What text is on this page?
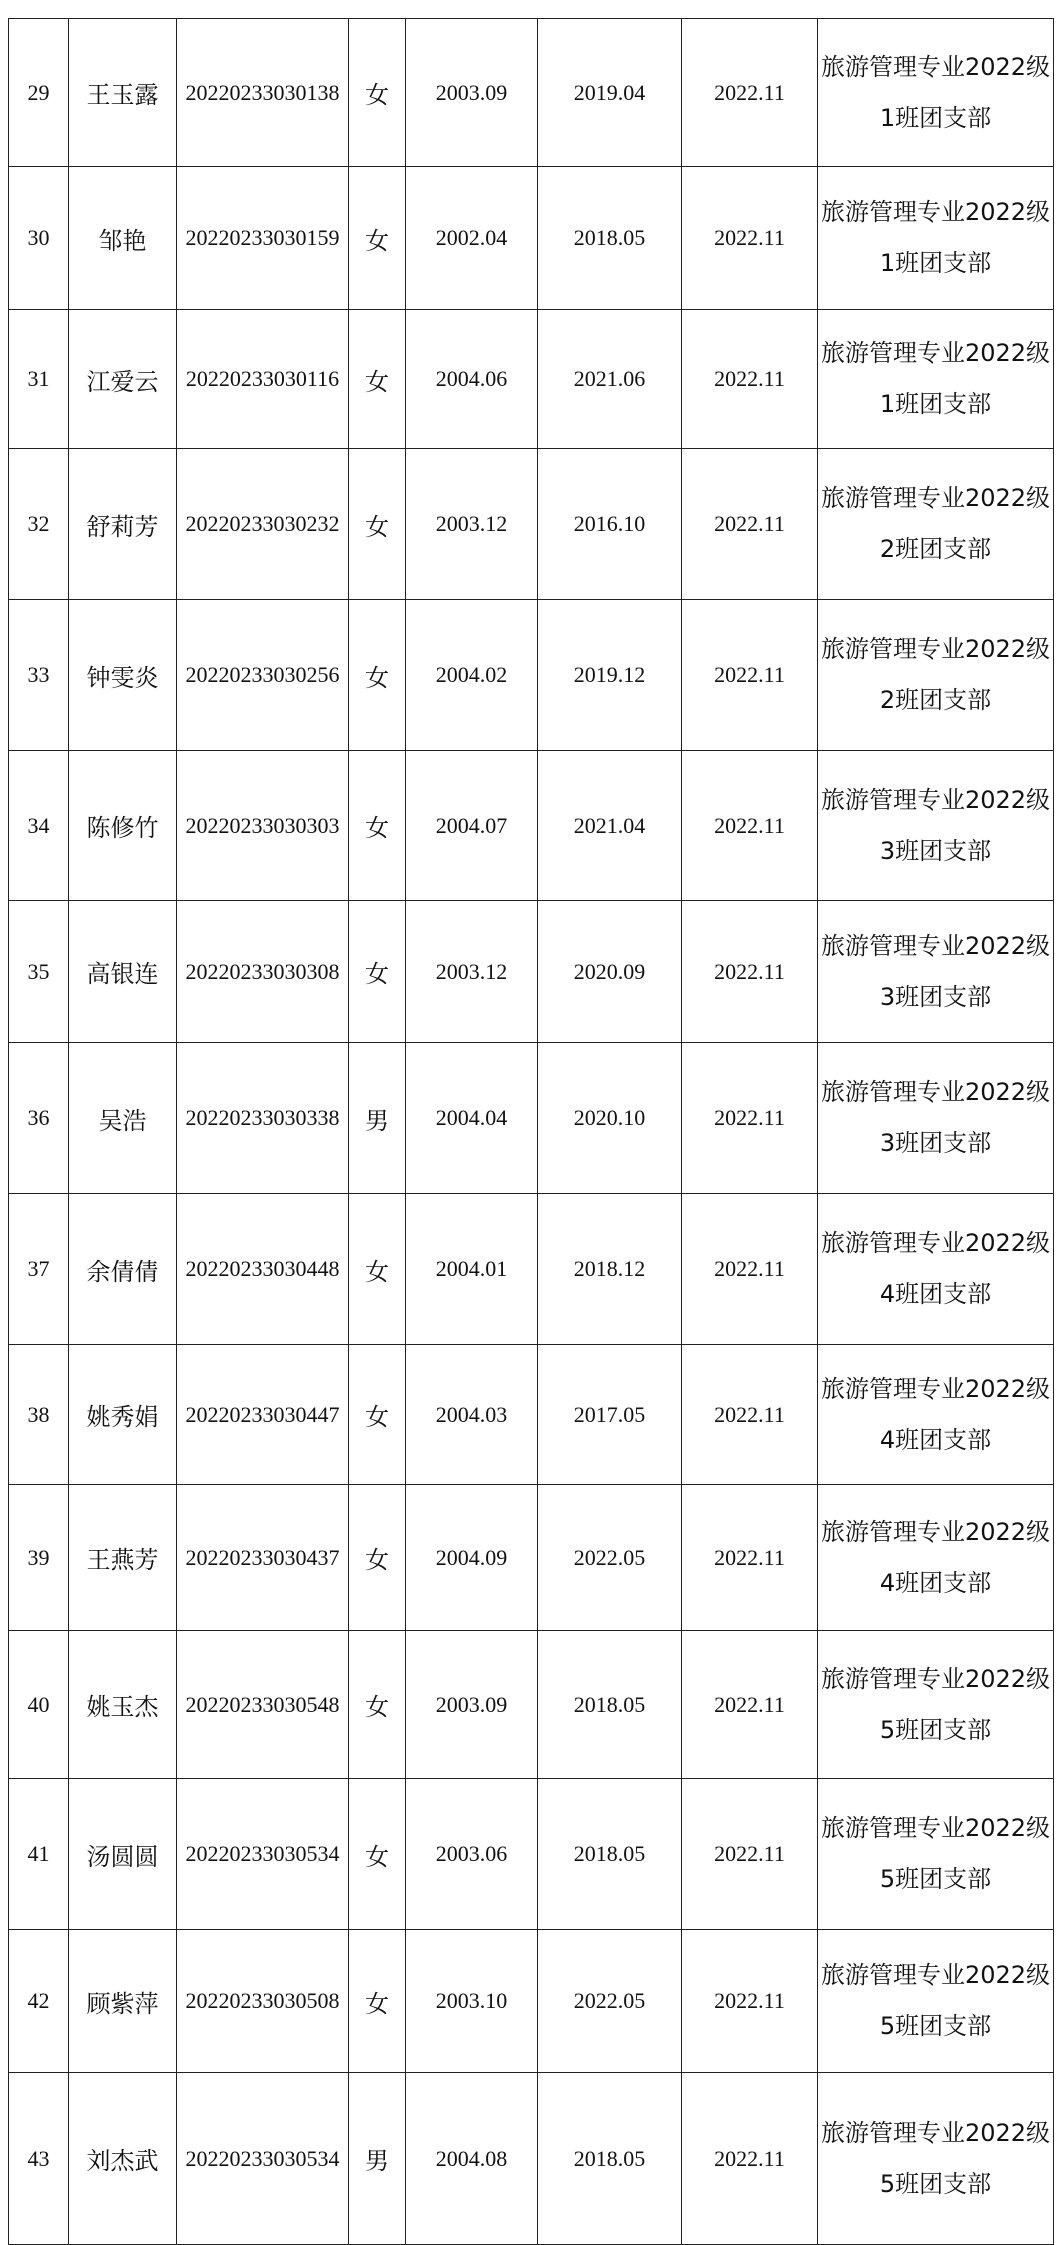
29	王玉露	20220233030138	女	2003.09	2019.04	2022.11	旅游管理专业2022级1班团支部
30	邹艳	20220233030159	女	2002.04	2018.05	2022.11	旅游管理专业2022级1班团支部
31	江爱云	20220233030116	女	2004.06	2021.06	2022.11	旅游管理专业2022级1班团支部
32	舒莉芳	20220233030232	女	2003.12	2016.10	2022.11	旅游管理专业2022级2班团支部
33	钟雯炎	20220233030256	女	2004.02	2019.12	2022.11	旅游管理专业2022级2班团支部
34	陈修竹	20220233030303	女	2004.07	2021.04	2022.11	旅游管理专业2022级3班团支部
35	高银连	20220233030308	女	2003.12	2020.09	2022.11	旅游管理专业2022级3班团支部
36	吴浩	20220233030338	男	2004.04	2020.10	2022.11	旅游管理专业2022级3班团支部
37	余倩倩	20220233030448	女	2004.01	2018.12	2022.11	旅游管理专业2022级4班团支部
38	姚秀娟	20220233030447	女	2004.03	2017.05	2022.11	旅游管理专业2022级4班团支部
39	王燕芳	20220233030437	女	2004.09	2022.05	2022.11	旅游管理专业2022级4班团支部
40	姚玉杰	20220233030548	女	2003.09	2018.05	2022.11	旅游管理专业2022级5班团支部
41	汤圆圆	20220233030534	女	2003.06	2018.05	2022.11	旅游管理专业2022级5班团支部
42	顾紫萍	20220233030508	女	2003.10	2022.05	2022.11	旅游管理专业2022级5班团支部
43	刘杰武	20220233030534	男	2004.08	2018.05	2022.11	旅游管理专业2022级5班团支部
